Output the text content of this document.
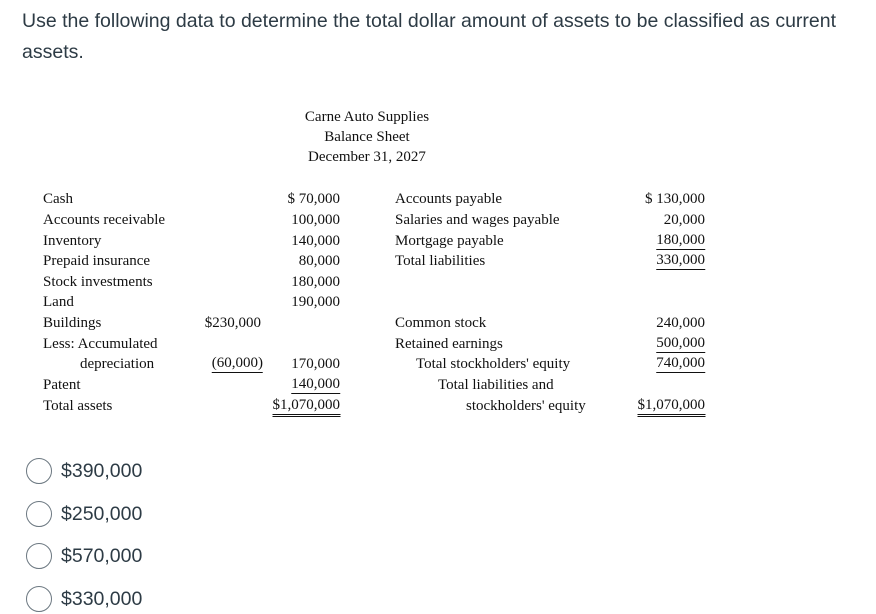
Use the following data to determine the total dollar amount of assets to be classified as current assets.
Carne Auto Supplies
Balance Sheet
December 31, 2027
Cash
Accounts receivable
Inventory
Prepaid insurance
Stock investments
Land
Buildings
Less: Accumulated
depreciation
Patent
Total assets
$230,000
(60,000)
$ 70,000
100,000
140,000
80,000
180,000
190,000
170,000
140,000
$1,070,000
Accounts payable
Salaries and wages payable
Mortgage payable
Total liabilities
$ 130,000
20,000
180,000
330,000
Common stock
Retained earnings
Total stockholders' equity
Total liabilities and
stockholders' equity
240,000
500,000
740,000
$1,070,000
$390,000
$250,000
$570,000
$330,000
